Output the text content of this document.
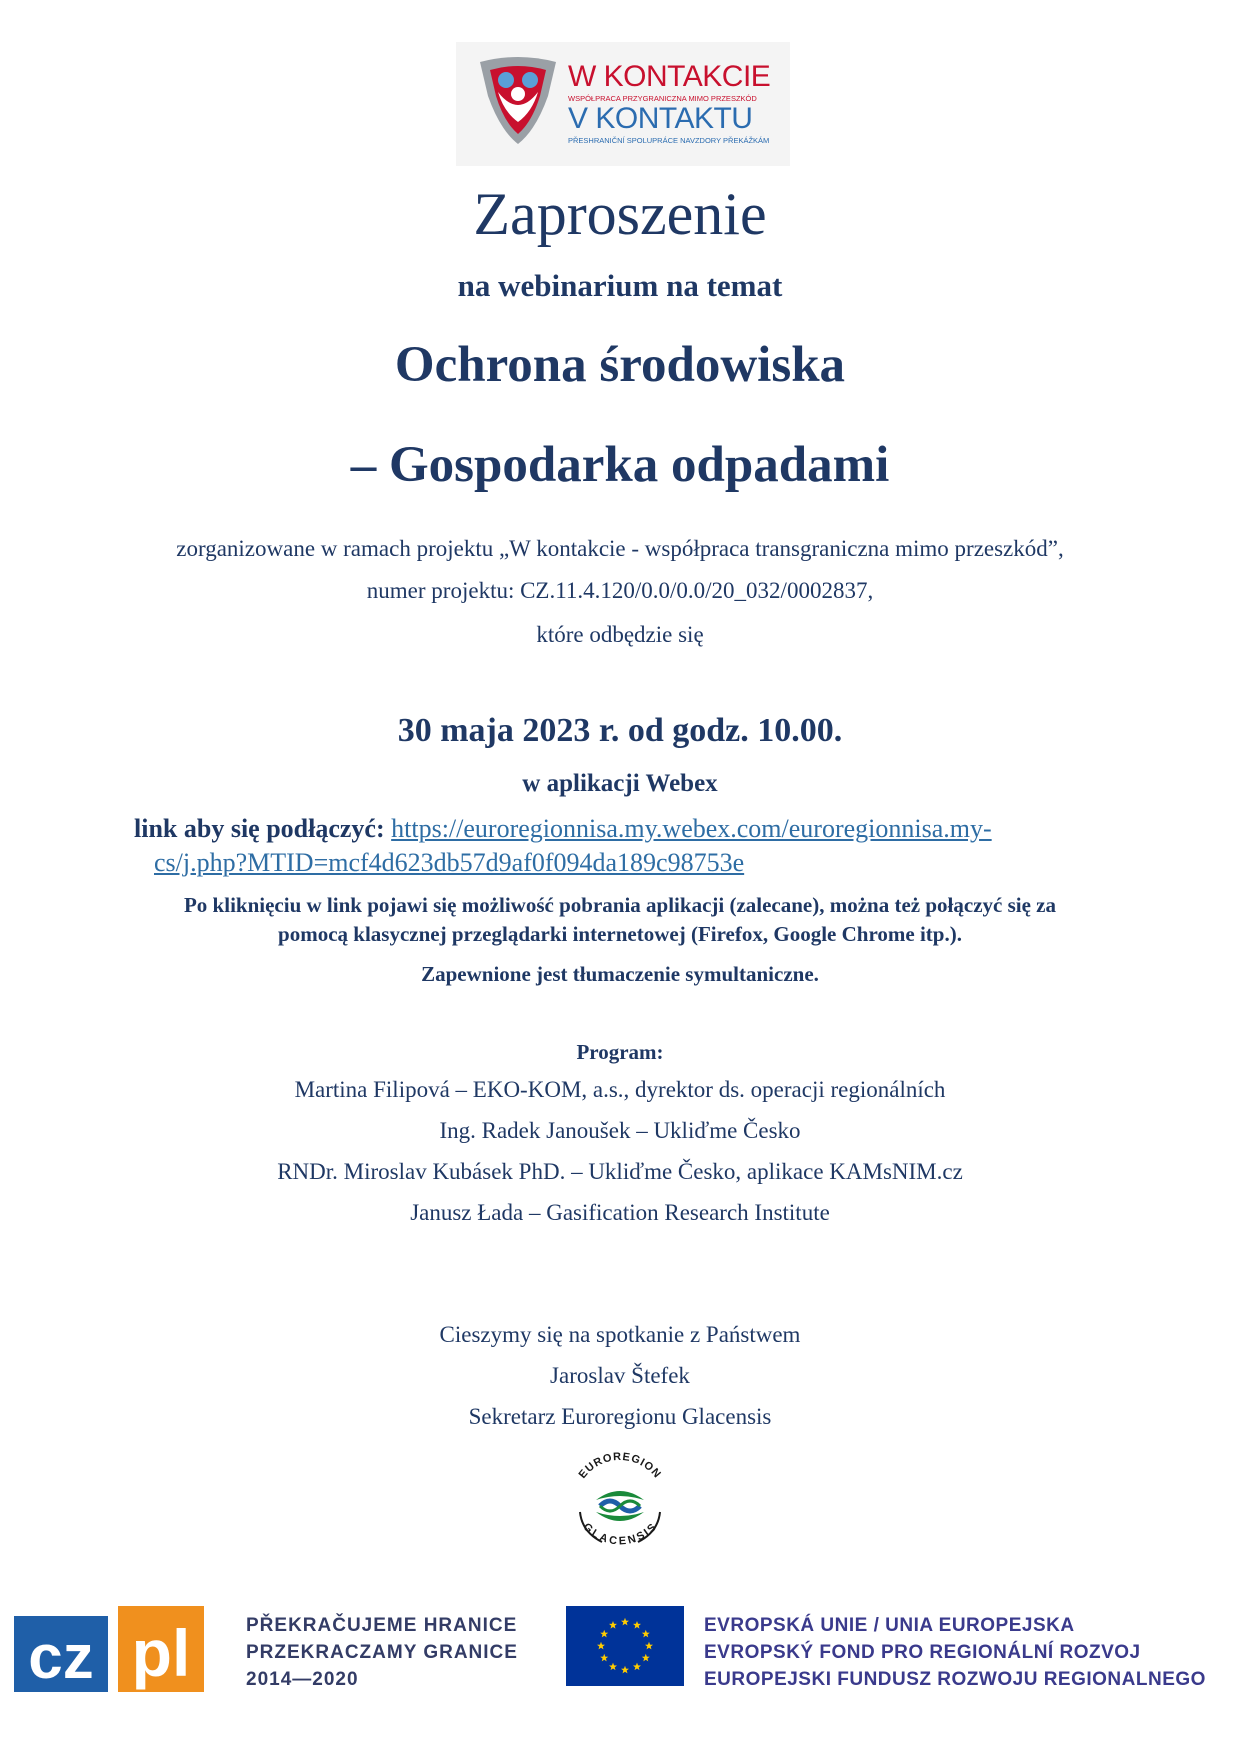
W KONTAKCIE
WSPÓŁPRACA PRZYGRANICZNA MIMO PRZESZKÓD
V KONTAKTU
PŘESHRANIČNÍ SPOLUPRÁCE NAVZDORY PŘEKÁŽKÁM
Zaproszenie
na webinarium na temat
Ochrona środowiska
– Gospodarka odpadami
zorganizowane w ramach projektu „W kontakcie - współpraca transgraniczna mimo przeszkód”,
numer projektu: CZ.11.4.120/0.0/0.0/20_032/0002837,
które odbędzie się
30 maja 2023 r. od godz. 10.00.
w aplikacji Webex
link aby się podłączyć: https://euroregionnisa.my.webex.com/euroregionnisa.my-
cs/j.php?MTID=mcf4d623db57d9af0f094da189c98753e
Po kliknięciu w link pojawi się możliwość pobrania aplikacji (zalecane), można też połączyć się za
pomocą klasycznej przeglądarki internetowej (Firefox, Google Chrome itp.).
Zapewnione jest tłumaczenie symultaniczne.
Program:
Martina Filipová – EKO-KOM, a.s., dyrektor ds. operacji regionálních
Ing. Radek Janoušek – Ukliďme Česko
RNDr. Miroslav Kubásek PhD. – Ukliďme Česko, aplikace KAMsNIM.cz
Janusz Łada – Gasification Research Institute
Cieszymy się na spotkanie z Państwem
Jaroslav Štefek
Sekretarz Euroregionu Glacensis
EUROREGION
GLACENSIS
cz pl	PŘEKRAČUJEME HRANICE
PRZEKRACZAMY GRANICE
2014—2020
EVROPSKÁ UNIE / UNIA EUROPEJSKA
EVROPSKÝ FOND PRO REGIONÁLNÍ ROZVOJ
EUROPEJSKI FUNDUSZ ROZWOJU REGIONALNEGO
